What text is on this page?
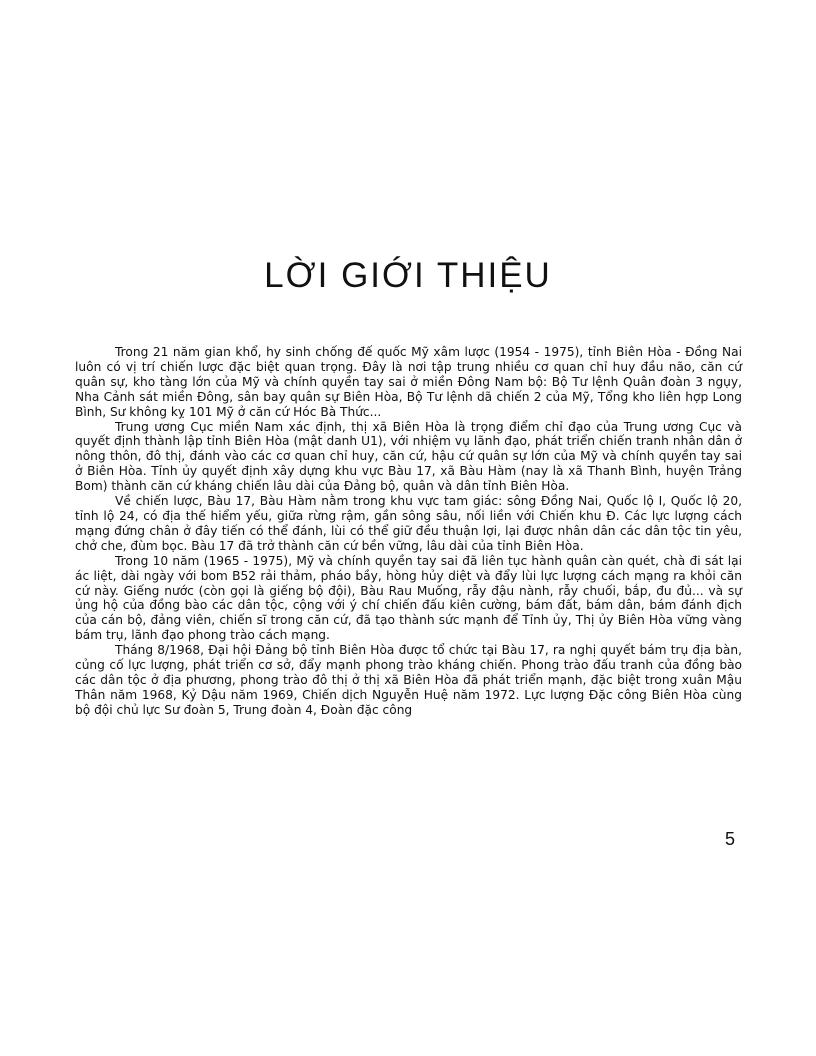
LỜI GIỚI THIỆU

Trong 21 năm gian khổ, hy sinh chống đế quốc Mỹ xâm lược (1954 - 1975), tỉnh Biên Hòa - Đồng Nai luôn có vị trí chiến lược đặc biệt quan trọng. Đây là nơi tập trung nhiều cơ quan chỉ huy đầu não, căn cứ quân sự, kho tàng lớn của Mỹ và chính quyền tay sai ở miền Đông Nam bộ: Bộ Tư lệnh Quân đoàn 3 ngụy, Nha Cảnh sát miền Đông, sân bay quân sự Biên Hòa, Bộ Tư lệnh dã chiến 2 của Mỹ, Tổng kho liên hợp Long Bình, Sư không kỵ 101 Mỹ ở căn cứ Hóc Bà Thức...

Trung ương Cục miền Nam xác định, thị xã Biên Hòa là trọng điểm chỉ đạo của Trung ương Cục và quyết định thành lập tỉnh Biên Hòa (mật danh U1), với nhiệm vụ lãnh đạo, phát triển chiến tranh nhân dân ở nông thôn, đô thị, đánh vào các cơ quan chỉ huy, căn cứ, hậu cứ quân sự lớn của Mỹ và chính quyền tay sai ở Biên Hòa. Tỉnh ủy quyết định xây dựng khu vực Bàu 17, xã Bàu Hàm (nay là xã Thanh Bình, huyện Trảng Bom) thành căn cứ kháng chiến lâu dài của Đảng bộ, quân và dân tỉnh Biên Hòa.

Về chiến lược, Bàu 17, Bàu Hàm nằm trong khu vực tam giác: sông Đồng Nai, Quốc lộ I, Quốc lộ 20, tỉnh lộ 24, có địa thế hiểm yếu, giữa rừng rậm, gần sông sâu, nối liền với Chiến khu Đ. Các lực lượng cách mạng đứng chân ở đây tiến có thể đánh, lùi có thể giữ đều thuận lợi, lại được nhân dân các dân tộc tin yêu, chở che, đùm bọc. Bàu 17 đã trở thành căn cứ bền vững, lâu dài của tỉnh Biên Hòa.

Trong 10 năm (1965 - 1975), Mỹ và chính quyền tay sai đã liên tục hành quân càn quét, chà đi sát lại ác liệt, dài ngày với bom B52 rải thảm, pháo bầy, hòng hủy diệt và đẩy lùi lực lượng cách mạng ra khỏi căn cứ này. Giếng nước (còn gọi là giếng bộ đội), Bàu Rau Muống, rẫy đậu nành, rẫy chuối, bắp, đu đủ... và sự ủng hộ của đồng bào các dân tộc, cộng với ý chí chiến đấu kiên cường, bám đất, bám dân, bám đánh địch của cán bộ, đảng viên, chiến sĩ trong căn cứ, đã tạo thành sức mạnh để Tỉnh ủy, Thị ủy Biên Hòa vững vàng bám trụ, lãnh đạo phong trào cách mạng.

Tháng 8/1968, Đại hội Đảng bộ tỉnh Biên Hòa được tổ chức tại Bàu 17, ra nghị quyết bám trụ địa bàn, củng cố lực lượng, phát triển cơ sở, đẩy mạnh phong trào kháng chiến. Phong trào đấu tranh của đồng bào các dân tộc ở địa phương, phong trào đô thị ở thị xã Biên Hòa đã phát triển mạnh, đặc biệt trong xuân Mậu Thân năm 1968, Kỷ Dậu năm 1969, Chiến dịch Nguyễn Huệ năm 1972. Lực lượng Đặc công Biên Hòa cùng bộ đội chủ lực Sư đoàn 5, Trung đoàn 4, Đoàn đặc công

5
